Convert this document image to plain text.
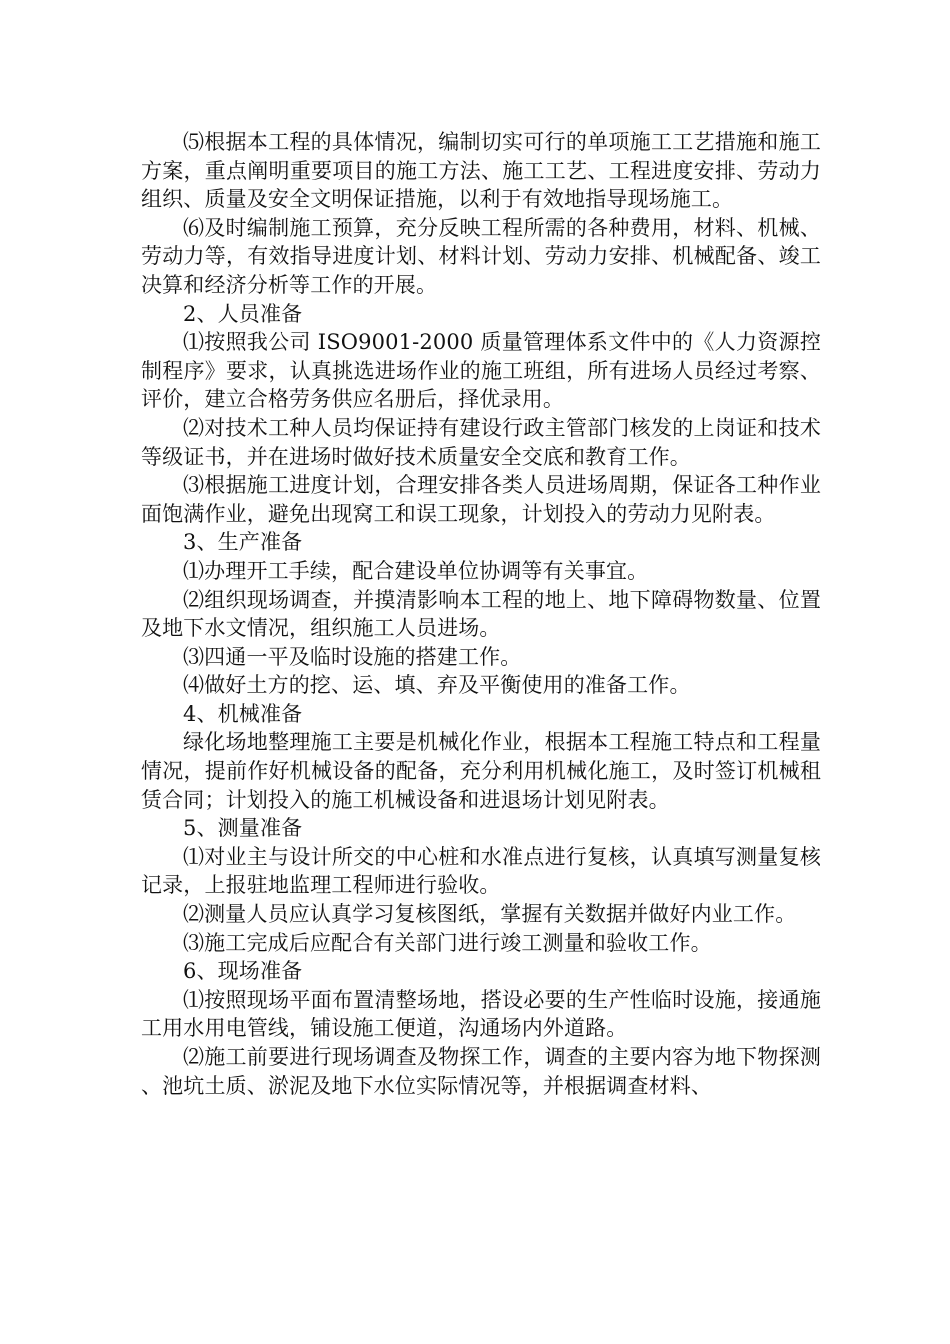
⑸根据本工程的具体情况，编制切实可行的单项施工工艺措施和施工方案，重点阐明重要项目的施工方法、施工工艺、工程进度安排、劳动力组织、质量及安全文明保证措施，以利于有效地指导现场施工。

⑹及时编制施工预算，充分反映工程所需的各种费用，材料、机械、劳动力等，有效指导进度计划、材料计划、劳动力安排、机械配备、竣工决算和经济分析等工作的开展。

2、人员准备

⑴按照我公司 ISO9001-2000 质量管理体系文件中的《人力资源控制程序》要求，认真挑选进场作业的施工班组，所有进场人员经过考察、评价，建立合格劳务供应名册后，择优录用。

⑵对技术工种人员均保证持有建设行政主管部门核发的上岗证和技术等级证书，并在进场时做好技术质量安全交底和教育工作。

⑶根据施工进度计划，合理安排各类人员进场周期，保证各工种作业面饱满作业，避免出现窝工和误工现象，计划投入的劳动力见附表。

3、生产准备

⑴办理开工手续，配合建设单位协调等有关事宜。

⑵组织现场调查，并摸清影响本工程的地上、地下障碍物数量、位置及地下水文情况，组织施工人员进场。

⑶四通一平及临时设施的搭建工作。

⑷做好土方的挖、运、填、弃及平衡使用的准备工作。

4、机械准备

绿化场地整理施工主要是机械化作业，根据本工程施工特点和工程量情况，提前作好机械设备的配备，充分利用机械化施工，及时签订机械租赁合同；计划投入的施工机械设备和进退场计划见附表。

5、测量准备

⑴对业主与设计所交的中心桩和水准点进行复核，认真填写测量复核记录，上报驻地监理工程师进行验收。

⑵测量人员应认真学习复核图纸，掌握有关数据并做好内业工作。

⑶施工完成后应配合有关部门进行竣工测量和验收工作。

6、现场准备

⑴按照现场平面布置清整场地，搭设必要的生产性临时设施，接通施工用水用电管线，铺设施工便道，沟通场内外道路。

⑵施工前要进行现场调查及物探工作，调查的主要内容为地下物探测、池坑土质、淤泥及地下水位实际情况等，并根据调查材料、
